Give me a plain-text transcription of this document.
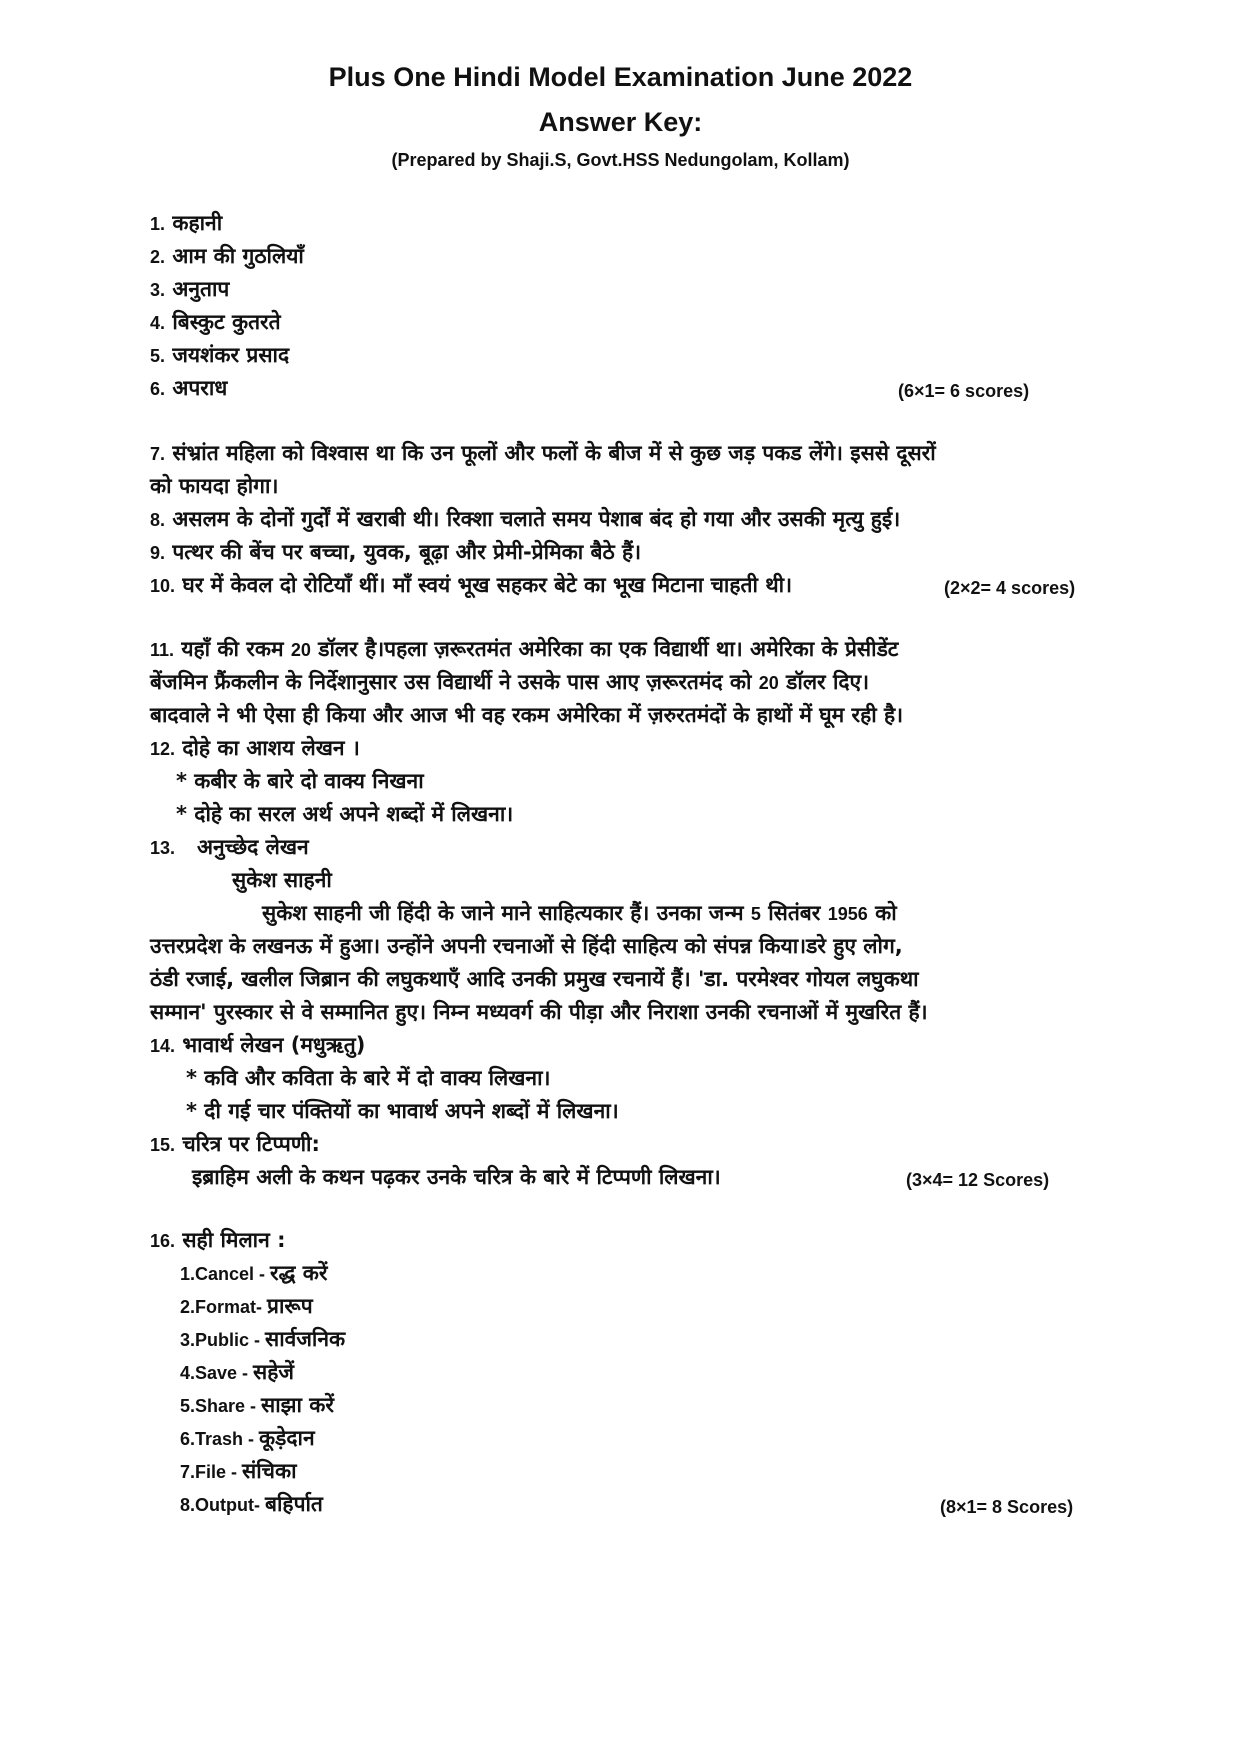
Plus One Hindi Model Examination June 2022
Answer Key:
(Prepared by Shaji.S, Govt.HSS Nedungolam, Kollam)
1. कहानी
2. आम की गुठलियाँ
3. अनुताप
4. बिस्कुट कुतरते
5. जयशंकर प्रसाद
6. अपराध	(6×1= 6 scores)
7. संभ्रांत महिला को विश्वास था कि उन फूलों और फलों के बीज में से कुछ जड़ पकड लेंगे। इससे दूसरों
को फायदा होगा।
8. असलम के दोनों गुर्दों में खराबी थी। रिक्शा चलाते समय पेशाब बंद हो गया और उसकी मृत्यु हुई।
9. पत्थर की बेंच पर बच्चा, युवक, बूढ़ा और प्रेमी-प्रेमिका बैठे हैं।
10. घर में केवल दो रोटियाँ थीं। माँ स्वयं भूख सहकर बेटे का भूख मिटाना चाहती थी।	(2×2= 4 scores)
11. यहाँ की रकम 20 डॉलर है।पहला ज़रूरतमंत अमेरिका का एक विद्यार्थी था। अमेरिका के प्रेसीडेंट
बेंजमिन फ्रैंकलीन के निर्देशानुसार उस विद्यार्थी ने उसके पास आए ज़रूरतमंद को 20 डॉलर दिए।
बादवाले ने भी ऐसा ही किया और आज भी वह रकम अमेरिका में ज़रुरतमंदों के हाथों में घूम रही है।
12. दोहे का आशय लेखन ।
* कबीर के बारे दो वाक्य निखना
* दोहे का सरल अर्थ अपने शब्दों में लिखना।
13. अनुच्छेद लेखन
सुकेश साहनी
सुकेश साहनी जी हिंदी के जाने माने साहित्यकार हैं। उनका जन्म 5 सितंबर 1956 को
उत्तरप्रदेश के लखनऊ में हुआ। उन्होंने अपनी रचनाओं से हिंदी साहित्य को संपन्न किया।डरे हुए लोग,
ठंडी रजाई, खलील जिब्रान की लघुकथाएँ आदि उनकी प्रमुख रचनायें हैं। 'डा. परमेश्वर गोयल लघुकथा
सम्मान' पुरस्कार से वे सम्मानित हुए। निम्न मध्यवर्ग की पीड़ा और निराशा उनकी रचनाओं में मुखरित हैं।
14. भावार्थ लेखन (मधुऋतु)
* कवि और कविता के बारे में दो वाक्य लिखना।
* दी गई चार पंक्तियों का भावार्थ अपने शब्दों में लिखना।
15. चरित्र पर टिप्पणी:
इब्राहिम अली के कथन पढ़कर उनके चरित्र के बारे में टिप्पणी लिखना।	(3×4= 12 Scores)
16. सही मिलान :
1.Cancel - रद्ध करें
2.Format- प्रारूप
3.Public - सार्वजनिक
4.Save - सहेजें
5.Share - साझा करें
6.Trash - कूड़ेदान
7.File - संचिका
8.Output- बहिर्पात	(8×1= 8 Scores)
